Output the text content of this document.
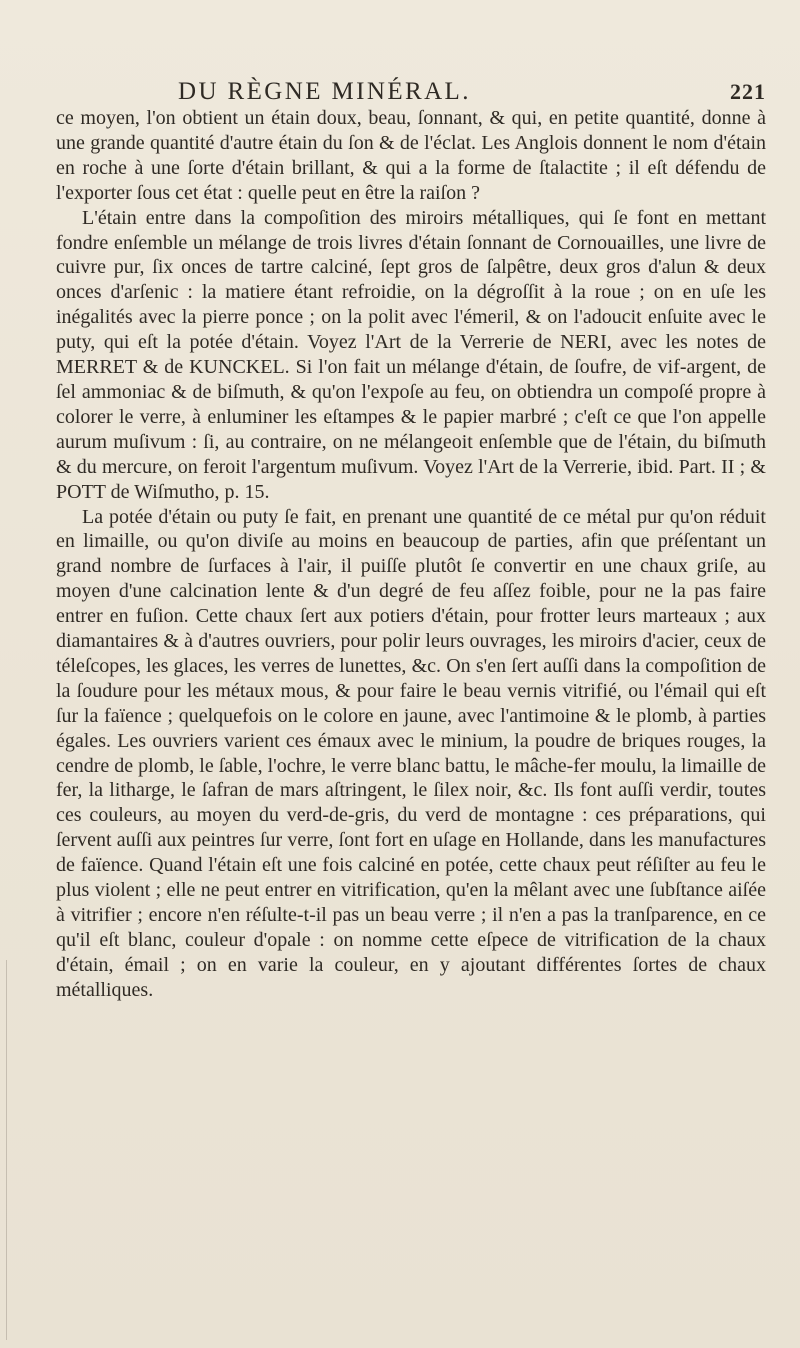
DU RÈGNE MINÉRAL.	221

ce moyen, l'on obtient un étain doux, beau, ſonnant, & qui, en petite quantité, donne à une grande quantité d'autre étain du ſon & de l'éclat. Les Anglois donnent le nom d'étain en roche à une ſorte d'étain brillant, & qui a la forme de ſtalactite ; il eſt défendu de l'exporter ſous cet état : quelle peut en être la raiſon ?

L'étain entre dans la compoſition des miroirs métalliques, qui ſe font en mettant fondre enſemble un mélange de trois livres d'étain ſonnant de Cornouailles, une livre de cuivre pur, ſix onces de tartre calciné, ſept gros de ſalpêtre, deux gros d'alun & deux onces d'arſenic : la matiere étant refroidie, on la dégroſſit à la roue ; on en uſe les inégalités avec la pierre ponce ; on la polit avec l'émeril, & on l'adoucit enſuite avec le puty, qui eſt la potée d'étain. Voyez l'Art de la Verrerie de NERI, avec les notes de MERRET & de KUNCKEL. Si l'on fait un mélange d'étain, de ſoufre, de vif-argent, de ſel ammoniac & de biſmuth, & qu'on l'expoſe au feu, on obtiendra un compoſé propre à colorer le verre, à enluminer les eſtampes & le papier marbré ; c'eſt ce que l'on appelle aurum muſivum : ſi, au contraire, on ne mélangeoit enſemble que de l'étain, du biſmuth & du mercure, on feroit l'argentum muſivum. Voyez l'Art de la Verrerie, ibid. Part. II ; & POTT de Wiſmutho, p. 15.

La potée d'étain ou puty ſe fait, en prenant une quantité de ce métal pur qu'on réduit en limaille, ou qu'on diviſe au moins en beaucoup de parties, afin que préſentant un grand nombre de ſurfaces à l'air, il puiſſe plutôt ſe convertir en une chaux griſe, au moyen d'une calcination lente & d'un degré de feu aſſez foible, pour ne la pas faire entrer en fuſion. Cette chaux ſert aux potiers d'étain, pour frotter leurs marteaux ; aux diamantaires & à d'autres ouvriers, pour polir leurs ouvrages, les miroirs d'acier, ceux de téleſcopes, les glaces, les verres de lunettes, &c. On s'en ſert auſſi dans la compoſition de la ſoudure pour les métaux mous, & pour faire le beau vernis vitrifié, ou l'émail qui eſt ſur la faïence ; quelquefois on le colore en jaune, avec l'antimoine & le plomb, à parties égales. Les ouvriers varient ces émaux avec le minium, la poudre de briques rouges, la cendre de plomb, le ſable, l'ochre, le verre blanc battu, le mâche-fer moulu, la limaille de fer, la litharge, le ſafran de mars aſtringent, le ſilex noir, &c. Ils font auſſi verdir, toutes ces couleurs, au moyen du verd-de-gris, du verd de montagne : ces préparations, qui ſervent auſſi aux peintres ſur verre, ſont fort en uſage en Hollande, dans les manufactures de faïence. Quand l'étain eſt une fois calciné en potée, cette chaux peut réſiſter au feu le plus violent ; elle ne peut entrer en vitrification, qu'en la mêlant avec une ſubſtance aiſée à vitrifier ; encore n'en réſulte-t-il pas un beau verre ; il n'en a pas la tranſparence, en ce qu'il eſt blanc, couleur d'opale : on nomme cette eſpece de vitrification de la chaux d'étain, émail ; on en varie la couleur, en y ajoutant différentes ſortes de chaux métalliques.
